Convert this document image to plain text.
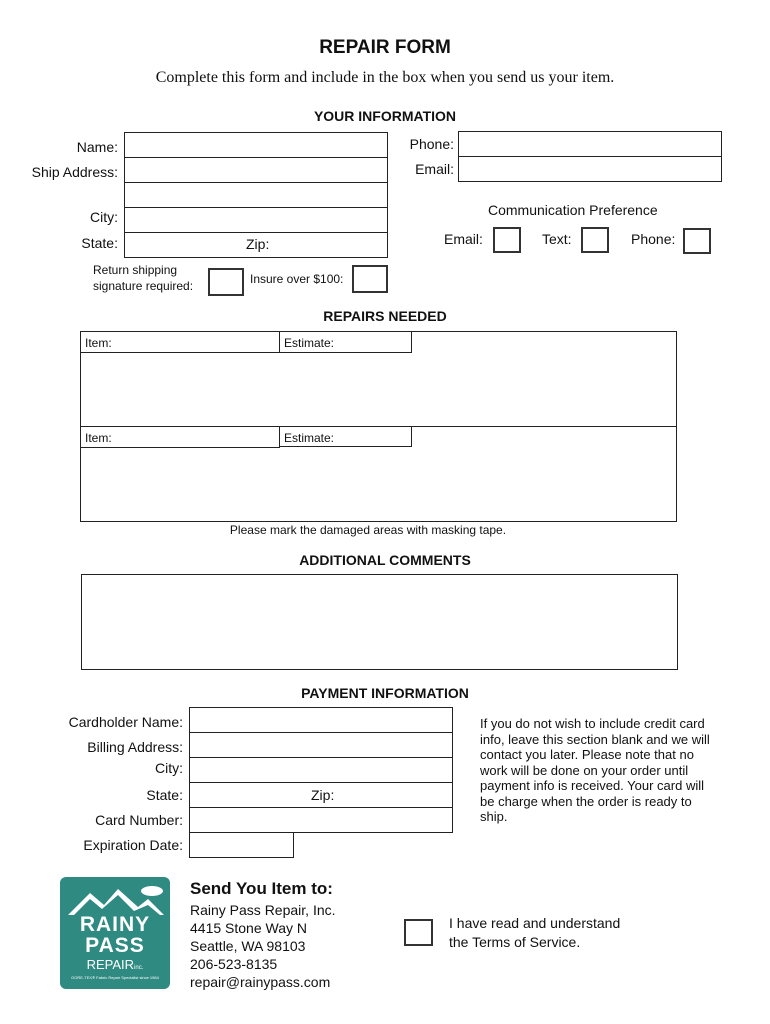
REPAIR FORM
Complete this form and include in the box when you send us your item.
YOUR INFORMATION
Name:
Ship Address:
City:
State:	Zip:
Phone:
Email:
Communication Preference
Email:	Text:	Phone:
Return shipping
signature required:	Insure over $100:
REPAIRS NEEDED
Item:	Estimate:
Item:	Estimate:
Please mark the damaged areas with masking tape.
ADDITIONAL COMMENTS
PAYMENT INFORMATION
Cardholder Name:
Billing Address:
City:
State:	Zip:
Card Number:
Expiration Date:
If you do not wish to include credit card info, leave this section blank and we will contact you later. Please note that no work will be done on your order until payment info is received. Your card will be charge when the order is ready to ship.
RAINY
PASS
REPAIRinc.
GORE-TEX® Fabric Repair Specialist since 1984
Send You Item to:
Rainy Pass Repair, Inc.
4415 Stone Way N
Seattle, WA 98103
206-523-8135
repair@rainypass.com
I have read and understand
the Terms of Service.
